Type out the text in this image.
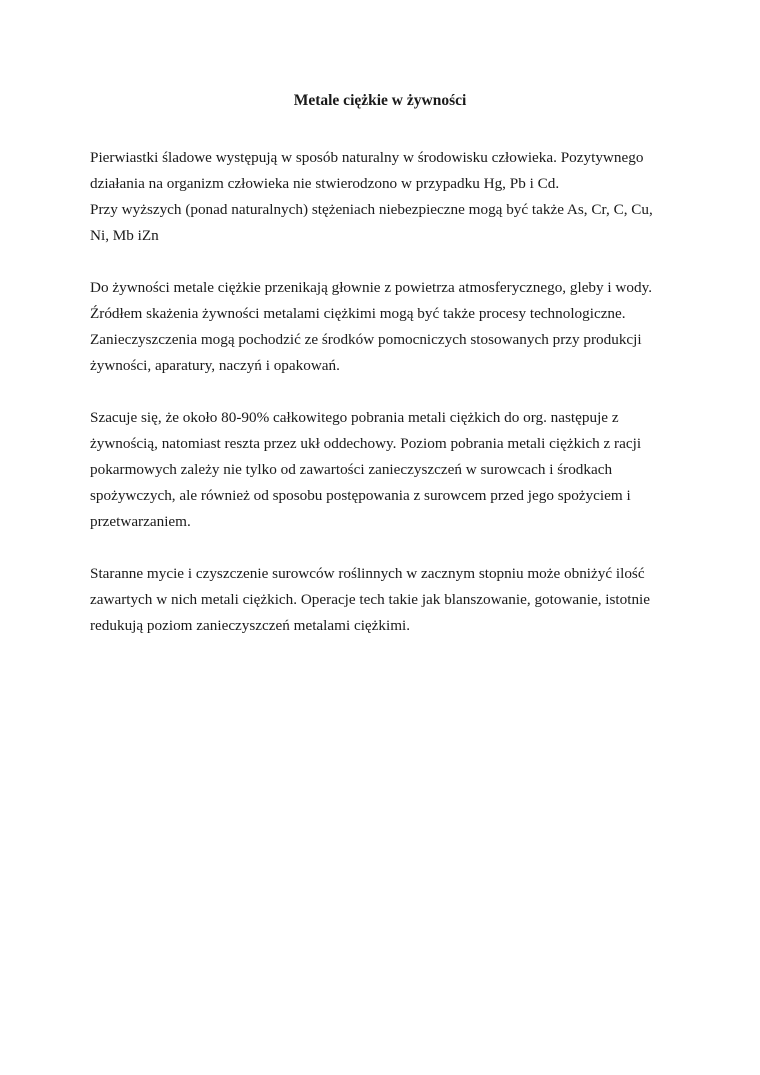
Metale ciężkie w żywności

Pierwiastki śladowe występują w sposób naturalny w środowisku człowieka. Pozytywnego
działania na organizm człowieka nie stwierodzono w przypadku Hg, Pb i Cd.
Przy wyższych (ponad naturalnych) stężeniach niebezpieczne mogą być także As, Cr, C, Cu,
Ni, Mb iZn

Do żywności metale ciężkie przenikają głownie z powietrza atmosferycznego, gleby i wody.
Źródłem skażenia żywności metalami ciężkimi mogą być także procesy technologiczne.
Zanieczyszczenia mogą pochodzić ze środków pomocniczych stosowanych przy produkcji
żywności, aparatury, naczyń i opakowań.

Szacuje się, że około 80-90% całkowitego pobrania metali ciężkich do org. następuje z
żywnością, natomiast reszta przez ukł oddechowy. Poziom pobrania metali ciężkich z racji
pokarmowych zależy nie tylko od zawartości zanieczyszczeń w surowcach i środkach
spożywczych, ale również od sposobu postępowania z surowcem przed jego spożyciem i
przetwarzaniem.

Staranne mycie i czyszczenie surowców roślinnych w zacznym stopniu może obniżyć ilość
zawartych w nich metali ciężkich. Operacje tech takie jak blanszowanie, gotowanie, istotnie
redukują poziom zanieczyszczeń metalami ciężkimi.
